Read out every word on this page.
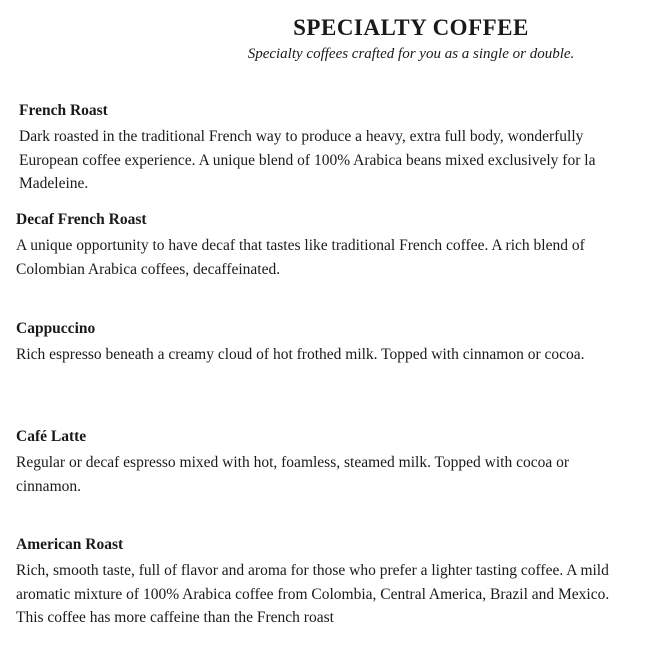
SPECIALTY COFFEE

Specialty coffees crafted for you as a single or double.

French Roast

Dark roasted in the traditional French way to produce a heavy, extra full body, wonderfully European coffee experience. A unique blend of 100% Arabica beans mixed exclusively for la Madeleine.

Decaf French Roast

A unique opportunity to have decaf that tastes like traditional French coffee. A rich blend of Colombian Arabica coffees, decaffeinated.

Cappuccino

Rich espresso beneath a creamy cloud of hot frothed milk. Topped with cinnamon or cocoa.

Café Latte

Regular or decaf espresso mixed with hot, foamless, steamed milk. Topped with cocoa or cinnamon.

American Roast

Rich, smooth taste, full of flavor and aroma for those who prefer a lighter tasting coffee. A mild aromatic mixture of 100% Arabica coffee from Colombia, Central America, Brazil and Mexico. This coffee has more caffeine than the French roast
